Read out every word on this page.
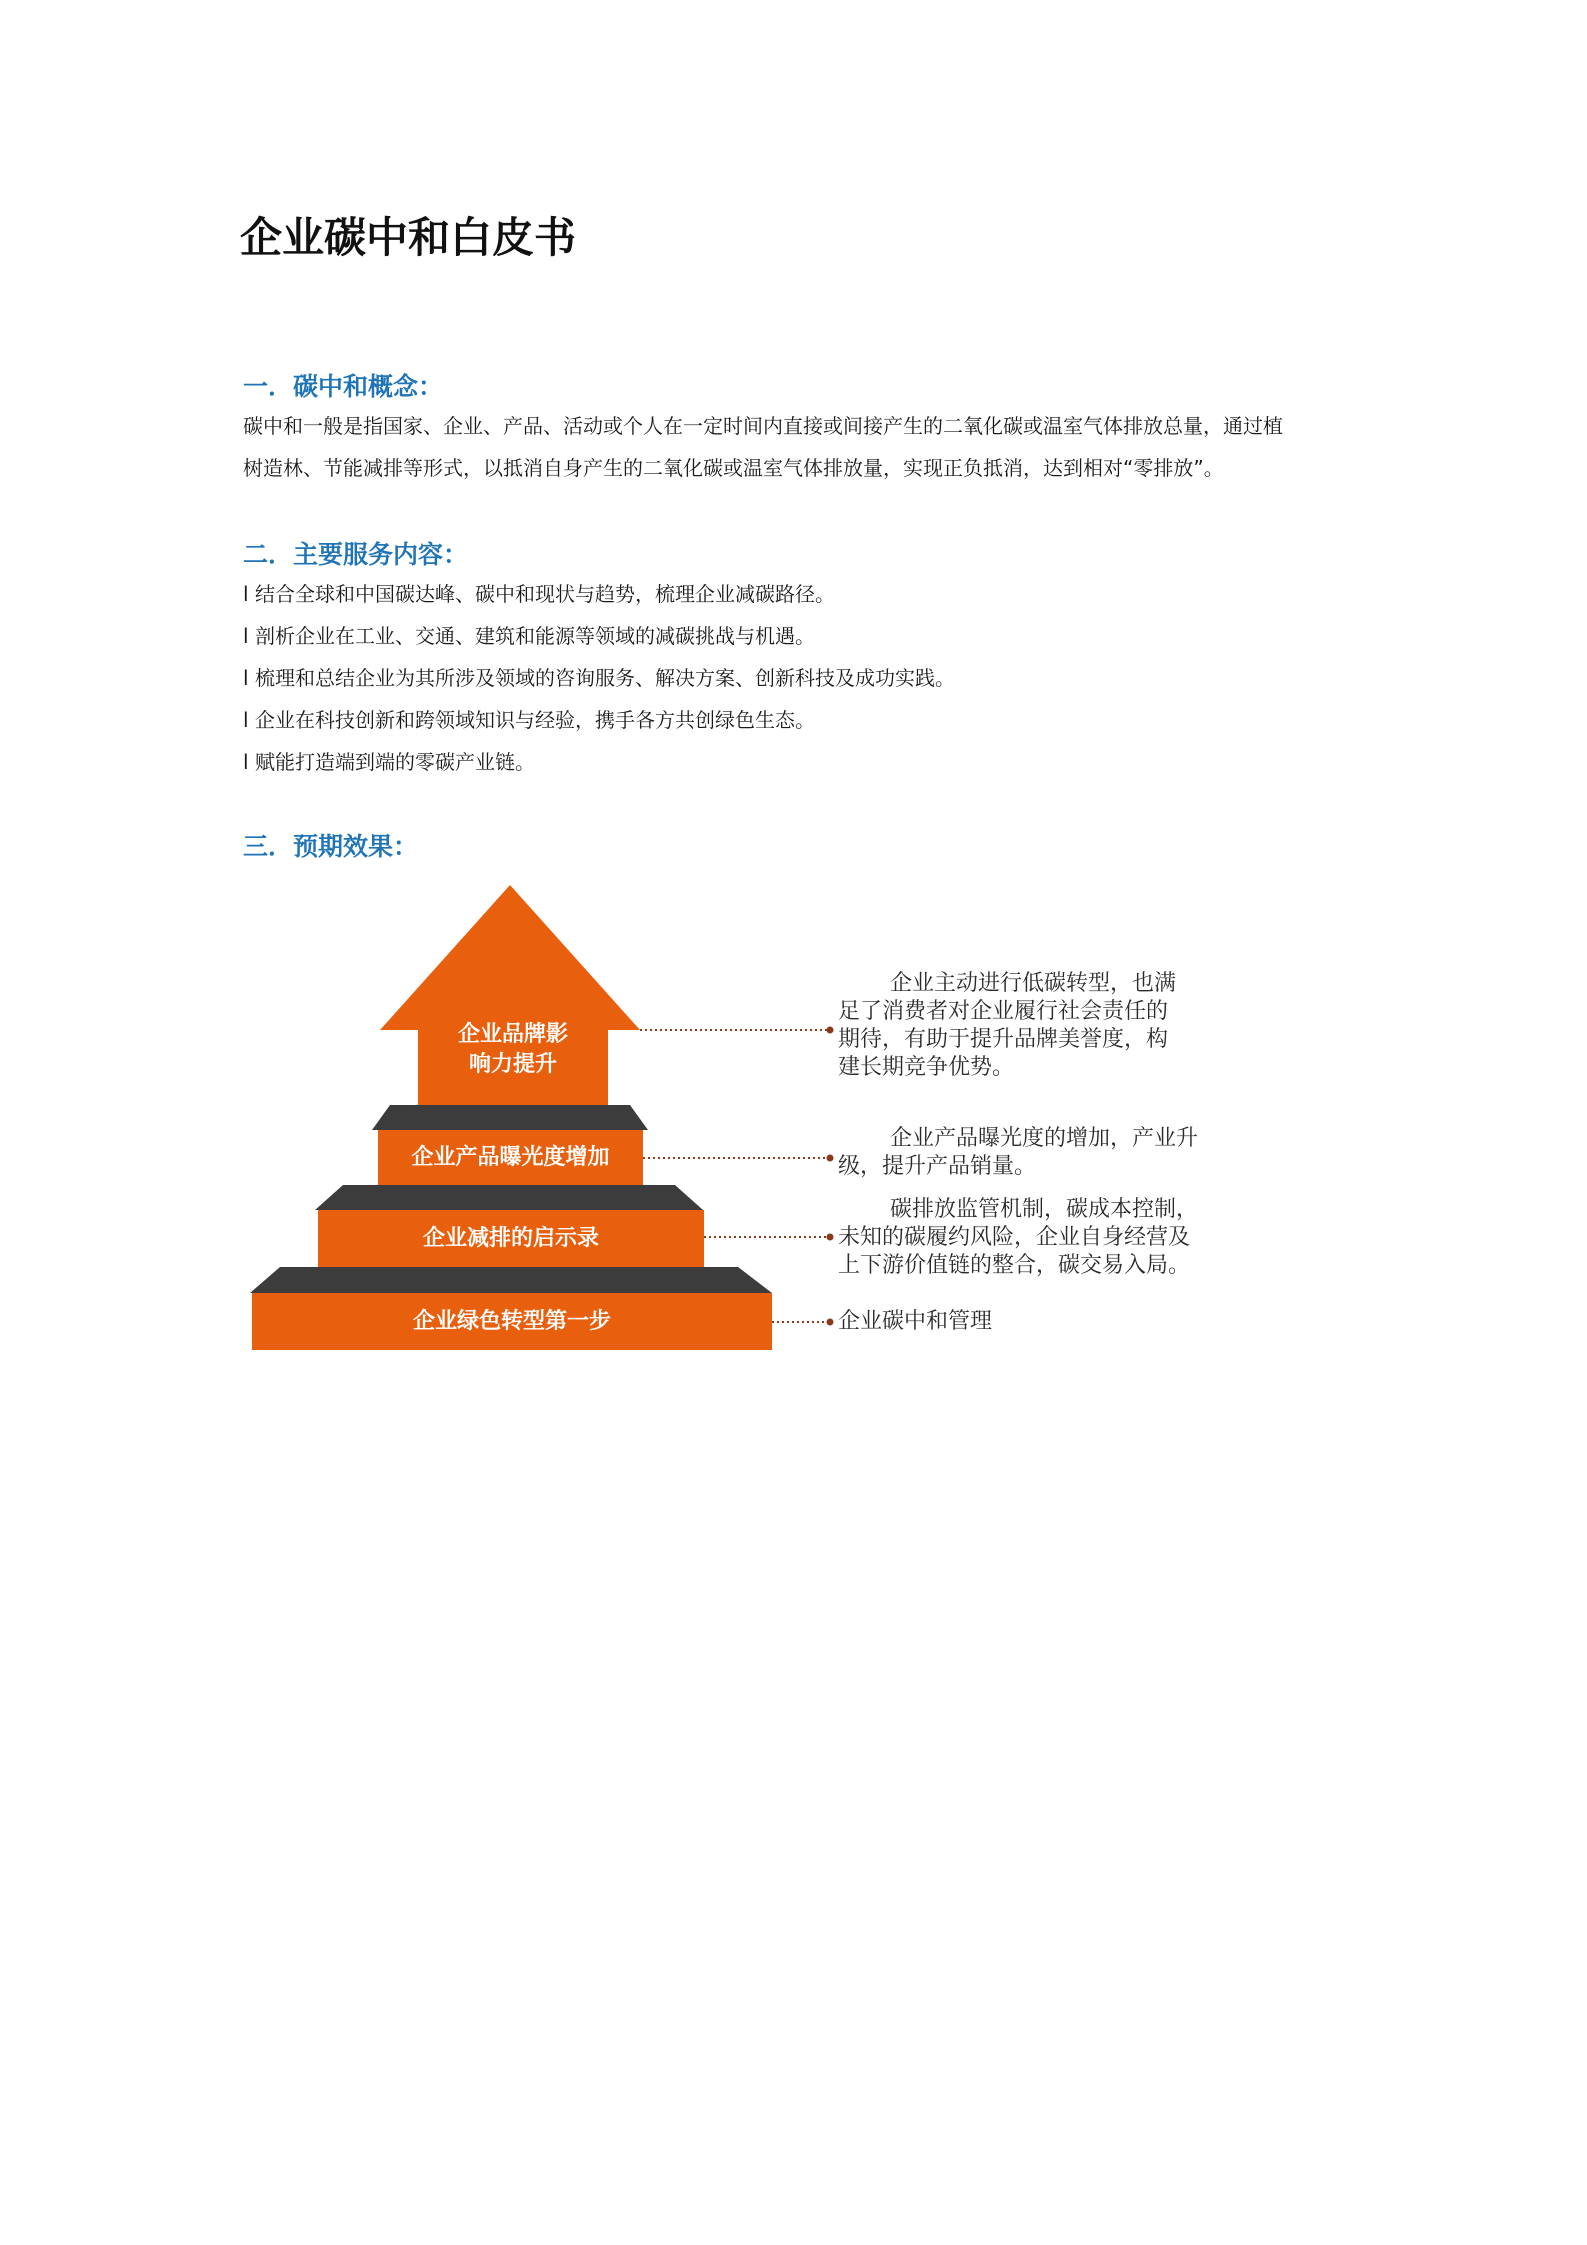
企业碳中和白皮书
一．碳中和概念：
碳中和一般是指国家、企业、产品、活动或个人在一定时间内直接或间接产生的二氧化碳或温室气体排放总量，通过植
树造林、节能减排等形式，以抵消自身产生的二氧化碳或温室气体排放量，实现正负抵消，达到相对“零排放”。
二．主要服务内容：
l 结合全球和中国碳达峰、碳中和现状与趋势，梳理企业减碳路径。
l 剖析企业在工业、交通、建筑和能源等领域的减碳挑战与机遇。
l 梳理和总结企业为其所涉及领域的咨询服务、解决方案、创新科技及成功实践。
l 企业在科技创新和跨领域知识与经验，携手各方共创绿色生态。
l 赋能打造端到端的零碳产业链。
三．预期效果：
企业品牌影
响力提升
企业产品曝光度增加
企业减排的启示录
企业绿色转型第一步
企业主动进行低碳转型，也满
足了消费者对企业履行社会责任的
期待，有助于提升品牌美誉度，构
建长期竞争优势。
企业产品曝光度的增加，产业升
级，提升产品销量。
碳排放监管机制，碳成本控制，
未知的碳履约风险，企业自身经营及
上下游价值链的整合，碳交易入局。
企业碳中和管理
